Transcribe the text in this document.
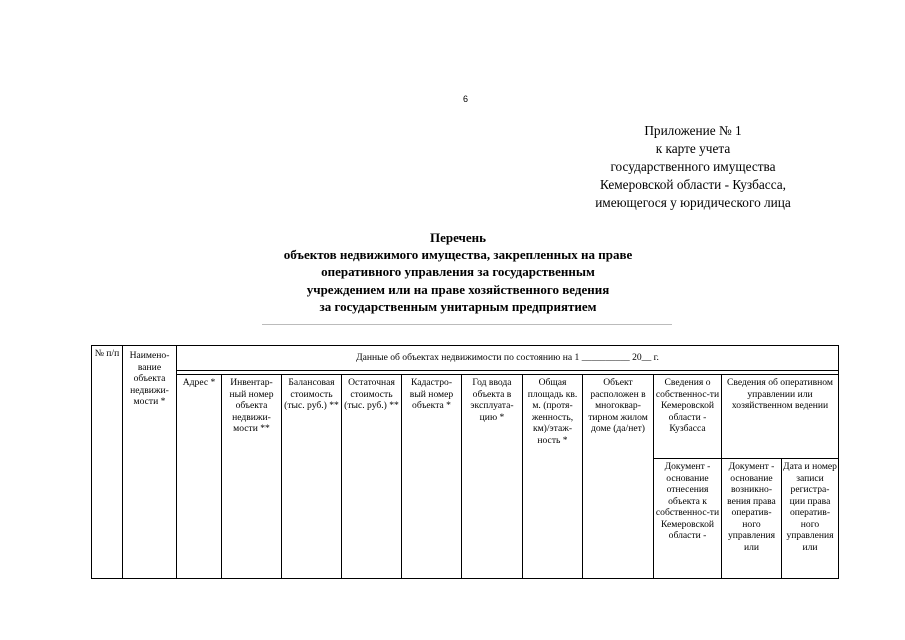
6
Приложение № 1
к карте учета
государственного имущества
Кемеровской области - Кузбасса,
имеющегося у юридического лица
Перечень
объектов недвижимого имущества, закрепленных на праве
оперативного управления за государственным
учреждением или на праве хозяйственного ведения
за государственным унитарным предприятием
№ п/п	Наимено-вание объекта недвижи-мости *	Данные об объектах недвижимости по состоянию на 1 __________ 20__ г.										

		Адрес *	Инвентар-ный номер объекта недвижи-мости **	Балансовая стоимость (тыс. руб.) **	Остаточная стоимость (тыс. руб.) **	Кадастро-вый номер объекта *	Год ввода объекта в эксплуата-цию *	Общая площадь кв. м. (протя-женность, км)/этаж-ность *	Объект расположен в многоквар-тирном жилом доме (да/нет)	Сведения о собственнос-ти Кемеровской области - Кузбасса	Сведения об оперативном управлении или хозяйственном ведении	
										Документ - основание отнесения объекта к собственнос-ти Кемеровской области -	Документ - основание возникно-вения права оператив-ного управления или	Дата и номер записи регистра-ции права оператив-ного управления или
